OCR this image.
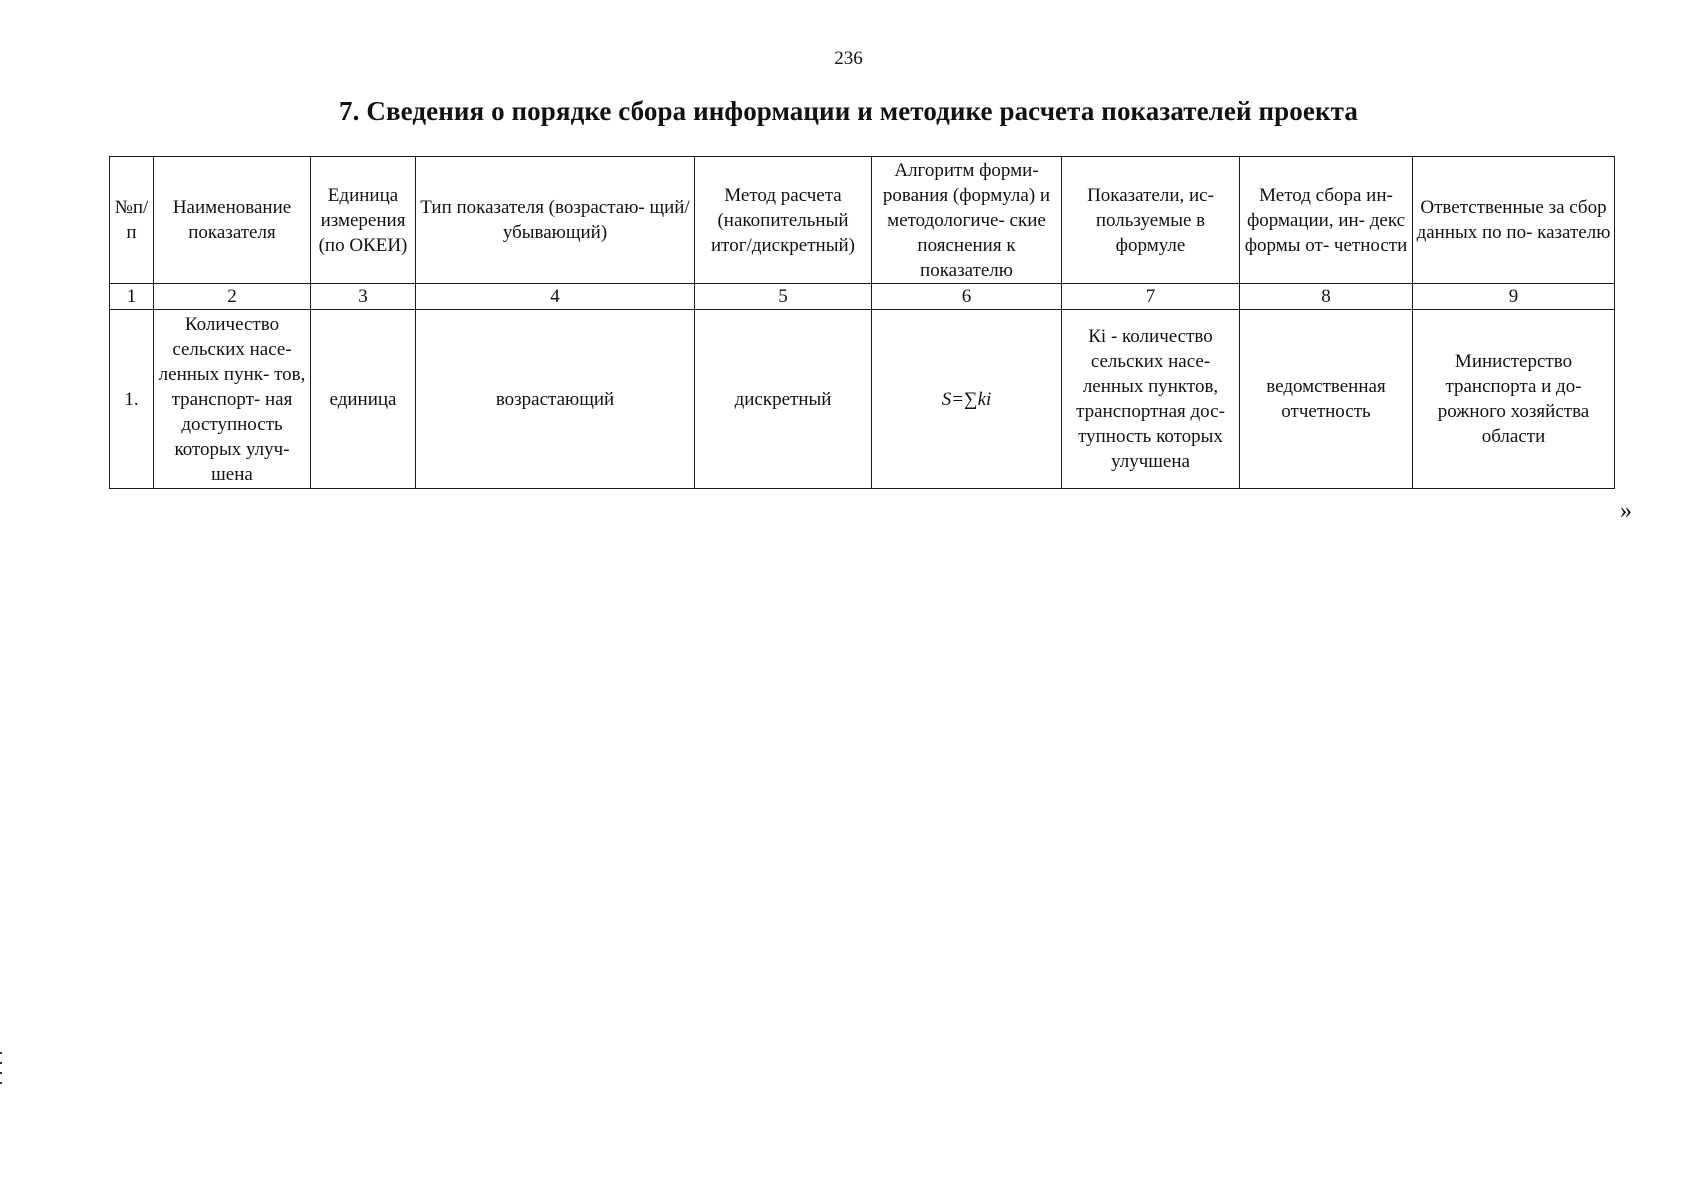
236
7. Сведения о порядке сбора информации и методике расчета показателей проекта
№п/п	Наименование показателя	Единица измерения (по ОКЕИ)	Тип показателя (возрастаю- щий/убывающий)	Метод расчета (накопительный итог/дискретный)	Алгоритм форми- рования (формула) и методологиче- ские пояснения к показателю	Показатели, ис- пользуемые в формуле	Метод сбора ин- формации, ин- декс формы от- четности	Ответственные за сбор данных по по- казателю
1	2	3	4	5	6	7	8	9
1.	Количество сельских насе- ленных пунк- тов, транспорт- ная доступность которых улуч- шена	единица	возрастающий	дискретный	S=∑ki	Кi - количество сельских насе- ленных пунктов, транспортная дос- тупность которых улучшена	ведомственная отчетность	Министерство транспорта и до- рожного хозяйства области
»
